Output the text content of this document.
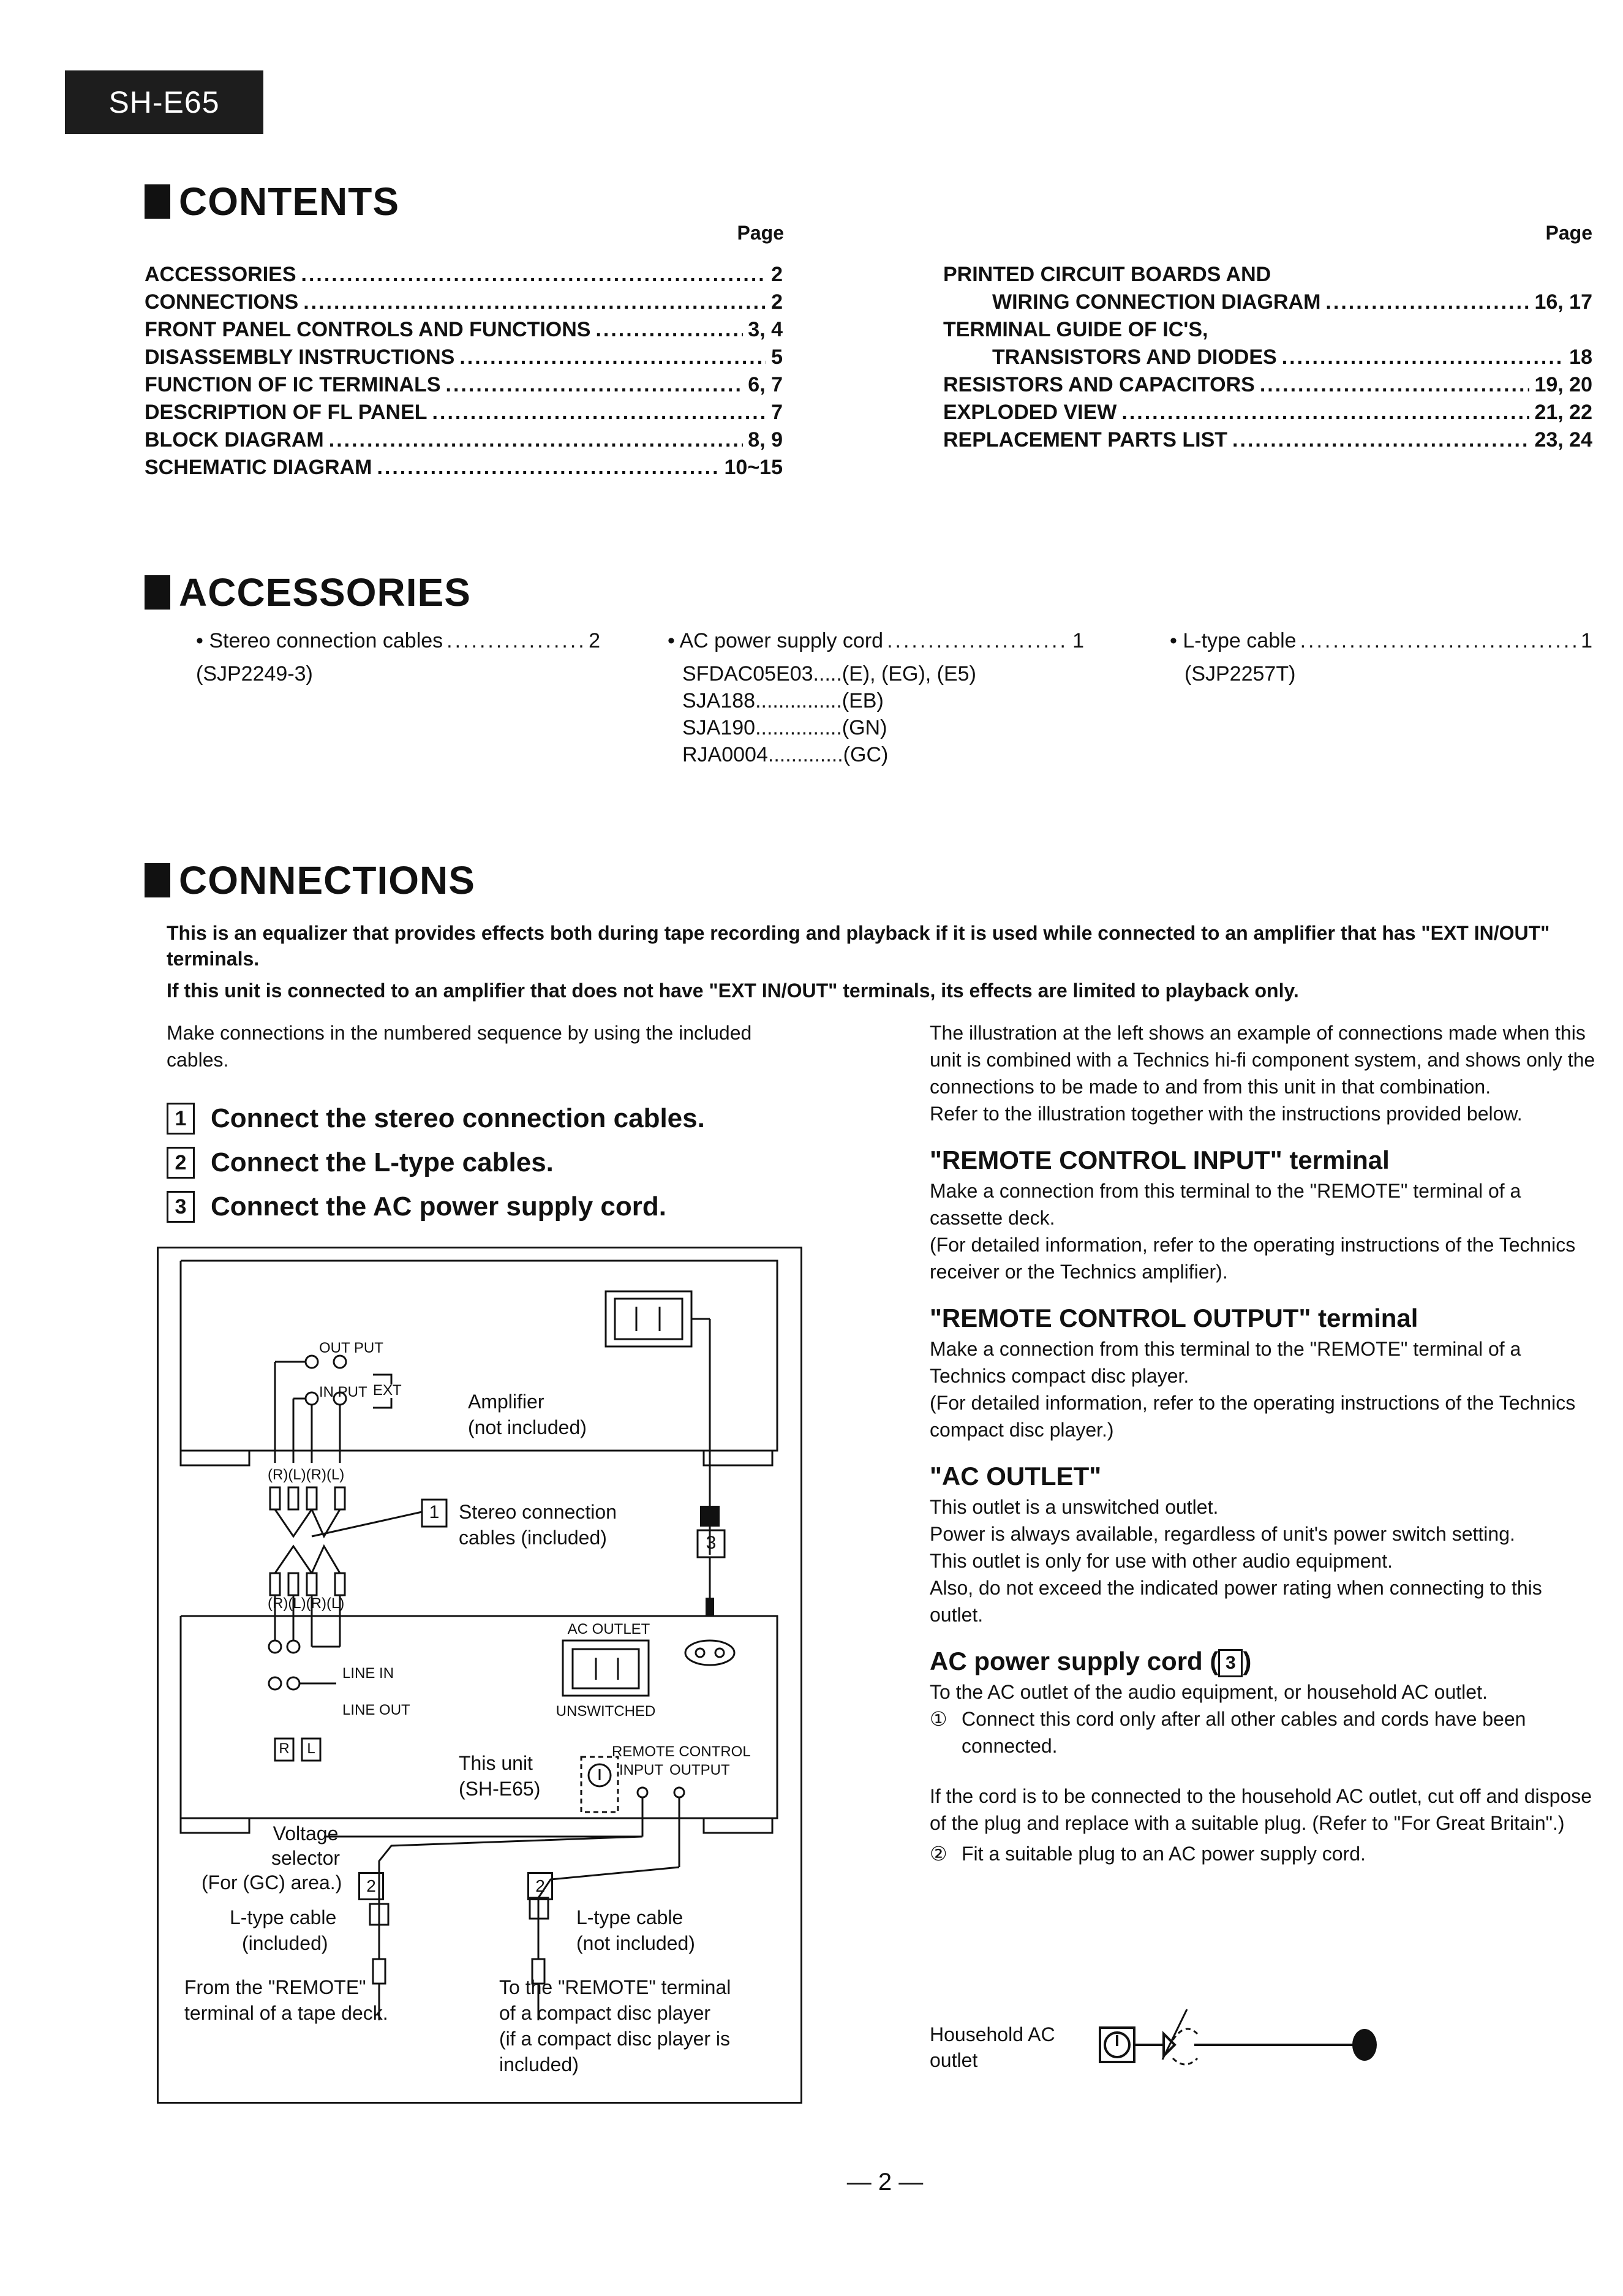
SH-E65
CONTENTS
Page	Page
ACCESSORIES .....	2
CONNECTIONS .....	2
FRONT PANEL CONTROLS AND FUNCTIONS .....	3, 4
DISASSEMBLY INSTRUCTIONS .....	5
FUNCTION OF IC TERMINALS .....	6, 7
DESCRIPTION OF FL PANEL .....	7
BLOCK DIAGRAM .....	8, 9
SCHEMATIC DIAGRAM .....	10~15
PRINTED CIRCUIT BOARDS AND
WIRING CONNECTION DIAGRAM .....	16, 17
TERMINAL GUIDE OF IC'S,
TRANSISTORS AND DIODES .....	18
RESISTORS AND CAPACITORS .....	19, 20
EXPLODED VIEW .....	21, 22
REPLACEMENT PARTS LIST .....	23, 24
ACCESSORIES
• Stereo connection cables .....	2
(SJP2249-3)
• AC power supply cord .....	1
SFDAC05E03.....(E), (EG), (E5)
SJA188...............(EB)
SJA190...............(GN)
RJA0004.............(GC)
• L-type cable .....	1
(SJP2257T)
CONNECTIONS
This is an equalizer that provides effects both during tape recording and playback if it is used while connected to an amplifier that has "EXT IN/OUT" terminals.
If this unit is connected to an amplifier that does not have "EXT IN/OUT" terminals, its effects are limited to playback only.
Make connections in the numbered sequence by using the included cables.
1 Connect the stereo connection cables.
2 Connect the L-type cables.
3 Connect the AC power supply cord.
The illustration at the left shows an example of connections made when this unit is combined with a Technics hi-fi component system, and shows only the connections to be made to and from this unit in that combination.
Refer to the illustration together with the instructions provided below.
"REMOTE CONTROL INPUT" terminal
Make a connection from this terminal to the "REMOTE" terminal of a cassette deck.
(For detailed information, refer to the operating instructions of the Technics receiver or the Technics amplifier).
"REMOTE CONTROL OUTPUT" terminal
Make a connection from this terminal to the "REMOTE" terminal of a Technics compact disc player.
(For detailed information, refer to the operating instructions of the Technics compact disc player.)
"AC OUTLET"
This outlet is a unswitched outlet.
Power is always available, regardless of unit's power switch setting.
This outlet is only for use with other audio equipment.
Also, do not exceed the indicated power rating when connecting to this outlet.
AC power supply cord ( 3 )
To the AC outlet of the audio equipment, or household AC outlet.
① Connect this cord only after all other cables and cords have been connected.
If the cord is to be connected to the household AC outlet, cut off and dispose of the plug and replace with a suitable plug. (Refer to "For Great Britain".)
② Fit a suitable plug to an AC power supply cord.
Household AC outlet
OUT PUT
IN PUT EXT
Amplifier
(not included)
(R)(L)(R)(L)
1 Stereo connection
cables (included)	3
(R)(L)(R)(L)
AC OUTLET
UNSWITCHED
LINE IN
LINE OUT
R	L	REMOTE CONTROL
INPUT OUTPUT
This unit
(SH-E65)
Voltage
selector
(For (GC) area.)	2	2
L-type cable
(included)
L-type cable
(not included)
From the "REMOTE"
terminal of a tape deck.
To the "REMOTE" terminal
of a compact disc player
(if a compact disc player is
included)
— 2 —
